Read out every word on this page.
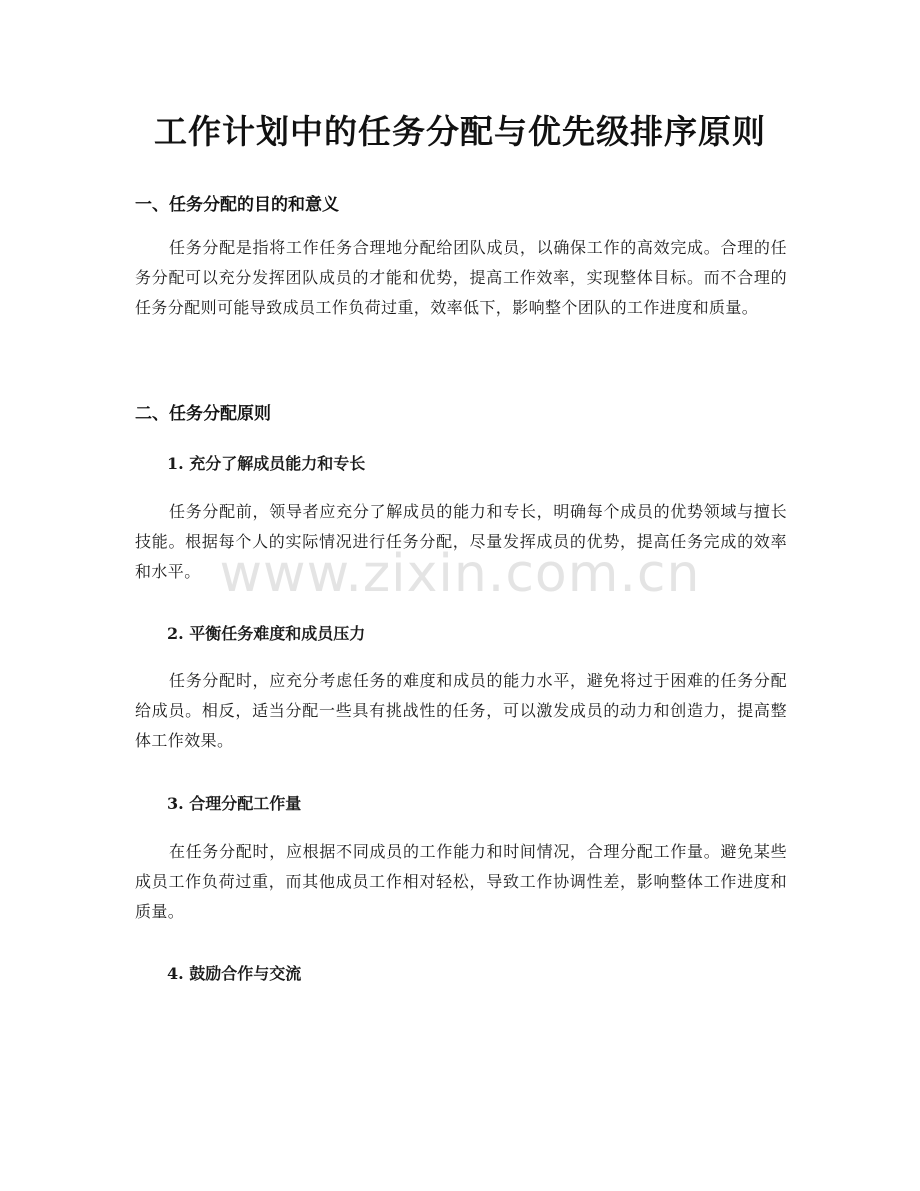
www.zixin.com.cn
工作计划中的任务分配与优先级排序原则
一、任务分配的目的和意义

任务分配是指将工作任务合理地分配给团队成员，以确保工作的高效完成。合理的任务分配可以充分发挥团队成员的才能和优势，提高工作效率，实现整体目标。而不合理的任务分配则可能导致成员工作负荷过重，效率低下，影响整个团队的工作进度和质量。

二、任务分配原则
1. 充分了解成员能力和专长

任务分配前，领导者应充分了解成员的能力和专长，明确每个成员的优势领域与擅长技能。根据每个人的实际情况进行任务分配，尽量发挥成员的优势，提高任务完成的效率和水平。

2. 平衡任务难度和成员压力

任务分配时，应充分考虑任务的难度和成员的能力水平，避免将过于困难的任务分配给成员。相反，适当分配一些具有挑战性的任务，可以激发成员的动力和创造力，提高整体工作效果。

3. 合理分配工作量

在任务分配时，应根据不同成员的工作能力和时间情况，合理分配工作量。避免某些成员工作负荷过重，而其他成员工作相对轻松，导致工作协调性差，影响整体工作进度和质量。

4. 鼓励合作与交流
